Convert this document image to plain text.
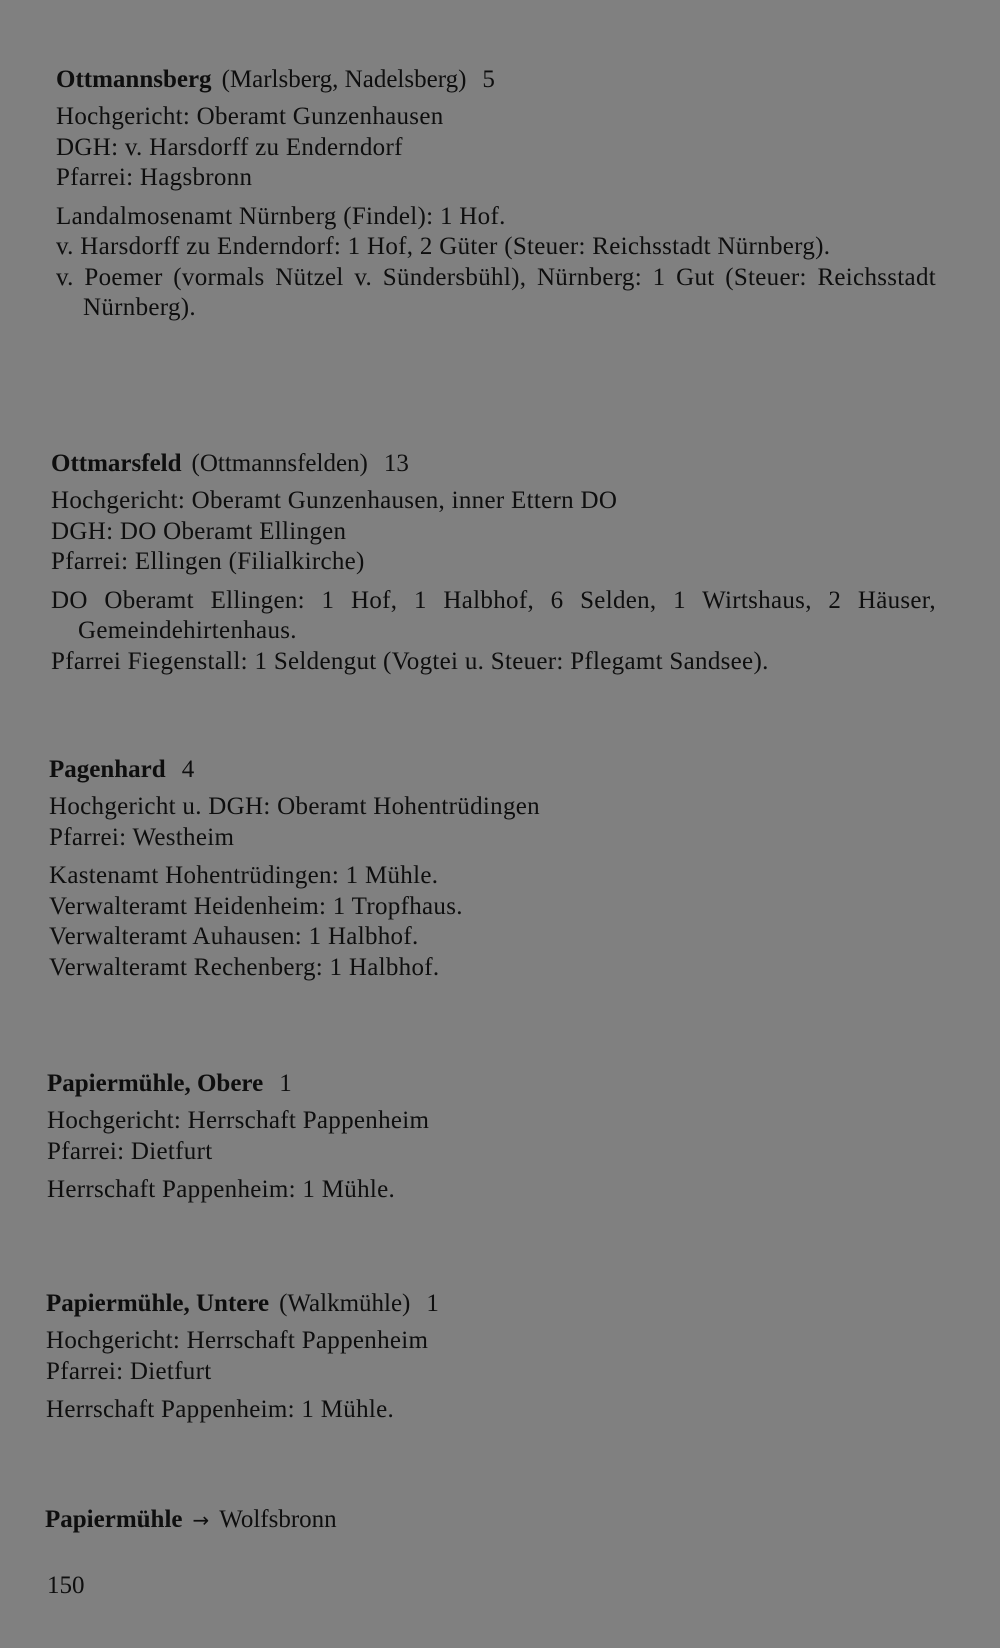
Ottmannsberg (Marlsberg, Nadelsberg) 5
Hochgericht: Oberamt Gunzenhausen
DGH: v. Harsdorff zu Enderndorf
Pfarrei: Hagsbronn
Landalmosenamt Nürnberg (Findel): 1 Hof.
v. Harsdorff zu Enderndorf: 1 Hof, 2 Güter (Steuer: Reichsstadt Nürnberg).
v. Poemer (vormals Nützel v. Sündersbühl), Nürnberg: 1 Gut (Steuer: Reichsstadt Nürnberg).
Ottmarsfeld (Ottmannsfelden) 13
Hochgericht: Oberamt Gunzenhausen, inner Ettern DO
DGH: DO Oberamt Ellingen
Pfarrei: Ellingen (Filialkirche)
DO Oberamt Ellingen: 1 Hof, 1 Halbhof, 6 Selden, 1 Wirtshaus, 2 Häuser, Gemeindehirtenhaus.
Pfarrei Fiegenstall: 1 Seldengut (Vogtei u. Steuer: Pflegamt Sandsee).
Pagenhard 4
Hochgericht u. DGH: Oberamt Hohentrüdingen
Pfarrei: Westheim
Kastenamt Hohentrüdingen: 1 Mühle.
Verwalteramt Heidenheim: 1 Tropfhaus.
Verwalteramt Auhausen: 1 Halbhof.
Verwalteramt Rechenberg: 1 Halbhof.
Papiermühle, Obere 1
Hochgericht: Herrschaft Pappenheim
Pfarrei: Dietfurt
Herrschaft Pappenheim: 1 Mühle.
Papiermühle, Untere (Walkmühle) 1
Hochgericht: Herrschaft Pappenheim
Pfarrei: Dietfurt
Herrschaft Pappenheim: 1 Mühle.
Papiermühle → Wolfsbronn
150
